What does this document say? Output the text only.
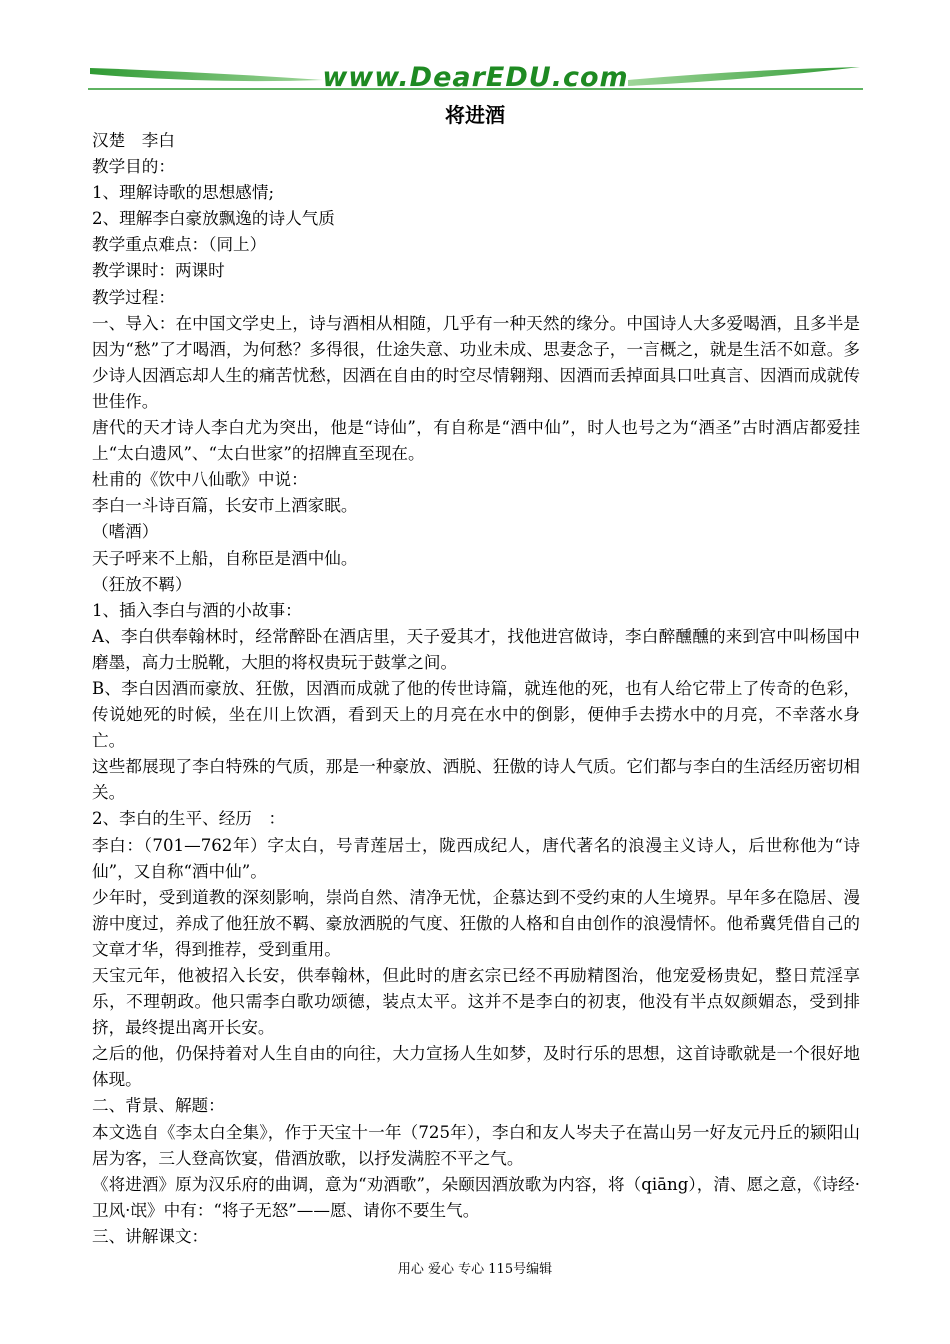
www.DearEDU.com
将进酒

汉楚　李白

教学目的：

1、理解诗歌的思想感情;

2、理解李白豪放飘逸的诗人气质

教学重点难点：（同上）

教学课时：两课时

教学过程：

一、导入：在中国文学史上，诗与酒相从相随，几乎有一种天然的缘分。中国诗人大多爱喝酒，且多半是因为“愁”了才喝酒，为何愁？多得很，仕途失意、功业未成、思妻念子，一言概之，就是生活不如意。多少诗人因酒忘却人生的痛苦忧愁，因酒在自由的时空尽情翱翔、因酒而丢掉面具口吐真言、因酒而成就传世佳作。

唐代的天才诗人李白尤为突出，他是“诗仙”，有自称是“酒中仙”，时人也号之为“酒圣”古时酒店都爱挂上“太白遗风”、“太白世家”的招牌直至现在。

杜甫的《饮中八仙歌》中说：

李白一斗诗百篇，长安市上酒家眠。

（嗜酒）

天子呼来不上船，自称臣是酒中仙。

（狂放不羁）

1、插入李白与酒的小故事：

A、李白供奉翰林时，经常醉卧在酒店里，天子爱其才，找他进宫做诗，李白醉醺醺的来到宫中叫杨国中磨墨，高力士脱靴，大胆的将权贵玩于鼓掌之间。

B、李白因酒而豪放、狂傲，因酒而成就了他的传世诗篇，就连他的死，也有人给它带上了传奇的色彩，传说她死的时候，坐在川上饮酒，看到天上的月亮在水中的倒影，便伸手去捞水中的月亮，不幸落水身亡。

这些都展现了李白特殊的气质，那是一种豪放、洒脱、狂傲的诗人气质。它们都与李白的生活经历密切相关。

2、李白的生平、经历　：

李白：（701—762年）字太白，号青莲居士，陇西成纪人，唐代著名的浪漫主义诗人，后世称他为“诗仙”，又自称“酒中仙”。

少年时，受到道教的深刻影响，崇尚自然、清净无忧，企慕达到不受约束的人生境界。早年多在隐居、漫游中度过，养成了他狂放不羁、豪放洒脱的气度、狂傲的人格和自由创作的浪漫情怀。他希冀凭借自己的文章才华，得到推荐，受到重用。

天宝元年，他被招入长安，供奉翰林，但此时的唐玄宗已经不再励精图治，他宠爱杨贵妃，整日荒淫享乐，不理朝政。他只需李白歌功颂德，装点太平。这并不是李白的初衷，他没有半点奴颜媚态，受到排挤，最终提出离开长安。

之后的他，仍保持着对人生自由的向往，大力宣扬人生如梦，及时行乐的思想，这首诗歌就是一个很好地体现。

二、背景、解题：

本文选自《李太白全集》，作于天宝十一年（725年），李白和友人岑夫子在嵩山另一好友元丹丘的颍阳山居为客，三人登高饮宴，借酒放歌，以抒发满腔不平之气。

《将进酒》原为汉乐府的曲调，意为“劝酒歌”，朵颐因酒放歌为内容，将（qiāng），清、愿之意，《诗经·卫风·氓》中有：“将子无怒”——愿、请你不要生气。

三、讲解课文：

用心 爱心 专心 115号编辑
